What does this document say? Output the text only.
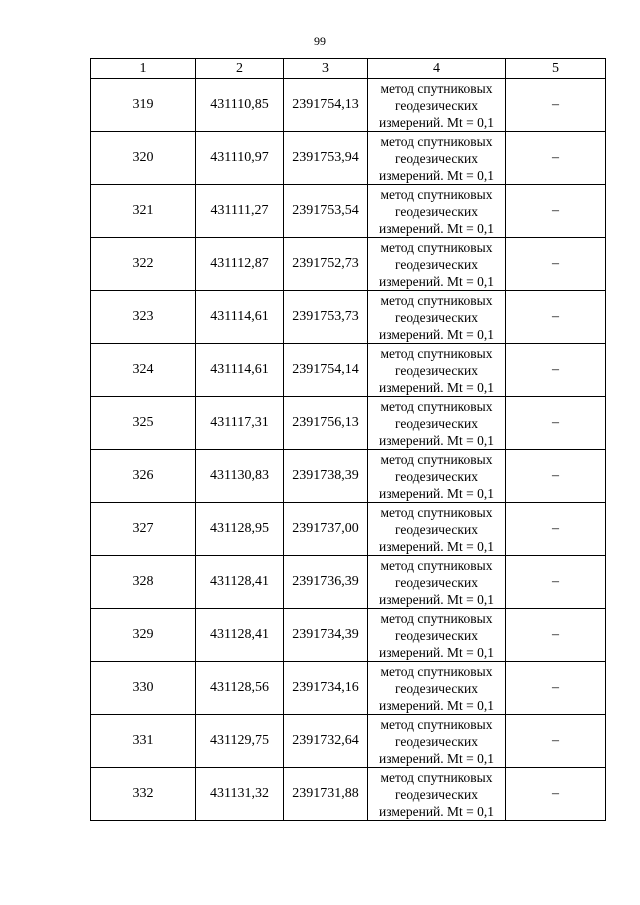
99
1	2	3	4	5
319	431110,85	2391754,13	метод спутниковых
геодезических
измерений. Mt = 0,1	–
320	431110,97	2391753,94	метод спутниковых
геодезических
измерений. Mt = 0,1	–
321	431111,27	2391753,54	метод спутниковых
геодезических
измерений. Mt = 0,1	–
322	431112,87	2391752,73	метод спутниковых
геодезических
измерений. Mt = 0,1	–
323	431114,61	2391753,73	метод спутниковых
геодезических
измерений. Mt = 0,1	–
324	431114,61	2391754,14	метод спутниковых
геодезических
измерений. Mt = 0,1	–
325	431117,31	2391756,13	метод спутниковых
геодезических
измерений. Mt = 0,1	–
326	431130,83	2391738,39	метод спутниковых
геодезических
измерений. Mt = 0,1	–
327	431128,95	2391737,00	метод спутниковых
геодезических
измерений. Mt = 0,1	–
328	431128,41	2391736,39	метод спутниковых
геодезических
измерений. Mt = 0,1	–
329	431128,41	2391734,39	метод спутниковых
геодезических
измерений. Mt = 0,1	–
330	431128,56	2391734,16	метод спутниковых
геодезических
измерений. Mt = 0,1	–
331	431129,75	2391732,64	метод спутниковых
геодезических
измерений. Mt = 0,1	–
332	431131,32	2391731,88	метод спутниковых
геодезических
измерений. Mt = 0,1	–
